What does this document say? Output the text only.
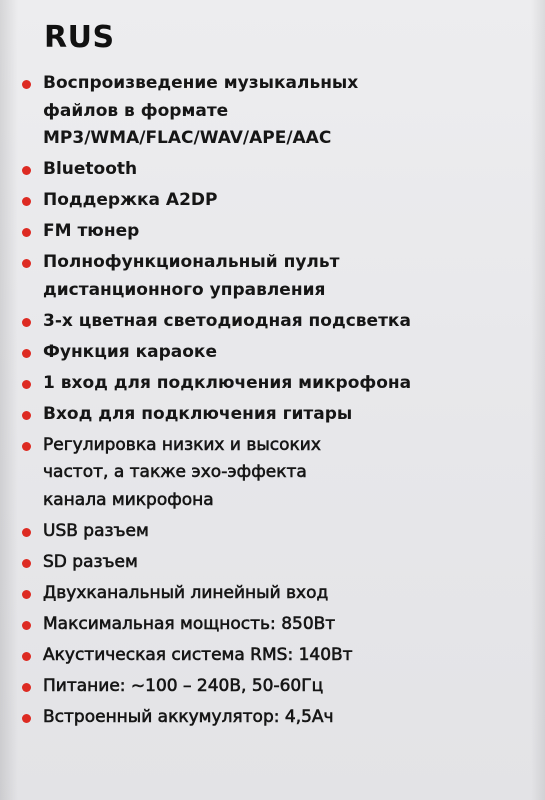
RUS
Воспроизведение музыкальных
файлов в формате
MP3/WMA/FLAC/WAV/APE/AAC
Bluetooth
Поддержка A2DP
FM тюнер
Полнофункциональный пульт
дистанционного управления
3-х цветная светодиодная подсветка
Функция караоке
1 вход для подключения микрофона
Вход для подключения гитары
Регулировка низких и высоких
частот, а также эхо-эффекта
канала микрофона
USB разъем
SD разъем
Двухканальный линейный вход
Максимальная мощность: 850Вт
Акустическая система RMS: 140Вт
Питание: ~100 – 240В, 50-60Гц
Встроенный аккумулятор: 4,5Ач
